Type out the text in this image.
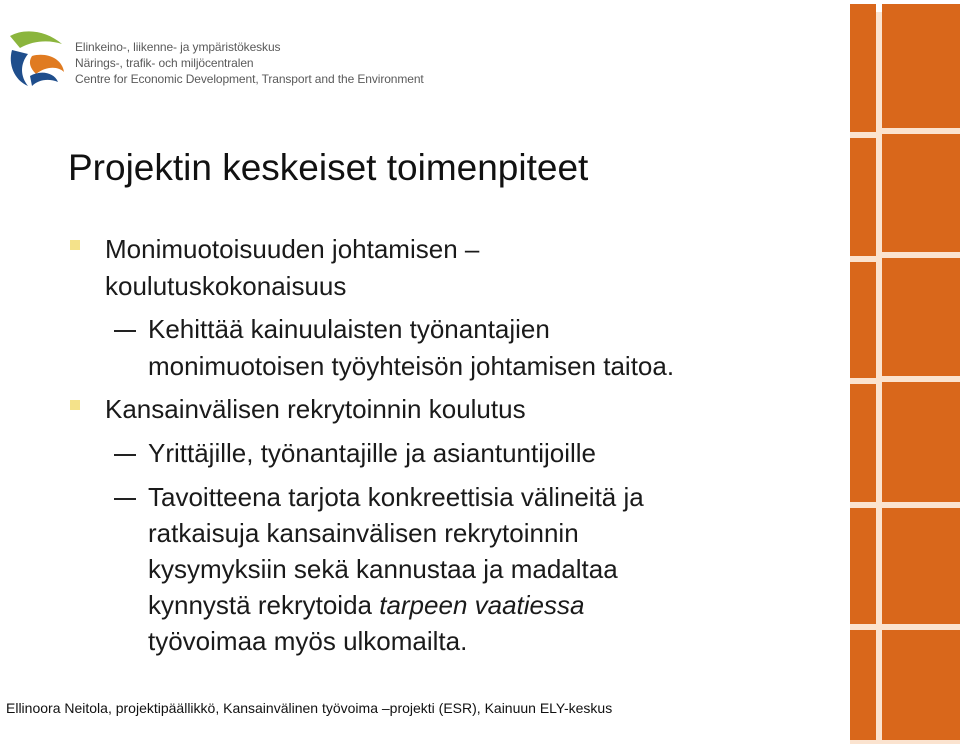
Elinkeino-, liikenne- ja ympäristökeskus
Närings-, trafik- och miljöcentralen
Centre for Economic Development, Transport and the Environment
Projektin keskeiset toimenpiteet
Monimuotoisuuden johtamisen –
koulutuskokonaisuus
Kehittää kainuulaisten työnantajien
monimuotoisen työyhteisön johtamisen taitoa.
Kansainvälisen rekrytoinnin koulutus
Yrittäjille, työnantajille ja asiantuntijoille
Tavoitteena tarjota konkreettisia välineitä ja
ratkaisuja kansainvälisen rekrytoinnin
kysymyksiin sekä kannustaa ja madaltaa
kynnystä rekrytoida tarpeen vaatiessa
työvoimaa myös ulkomailta.
Ellinoora Neitola, projektipäällikkö, Kansainvälinen työvoima –projekti (ESR), Kainuun ELY-keskus
